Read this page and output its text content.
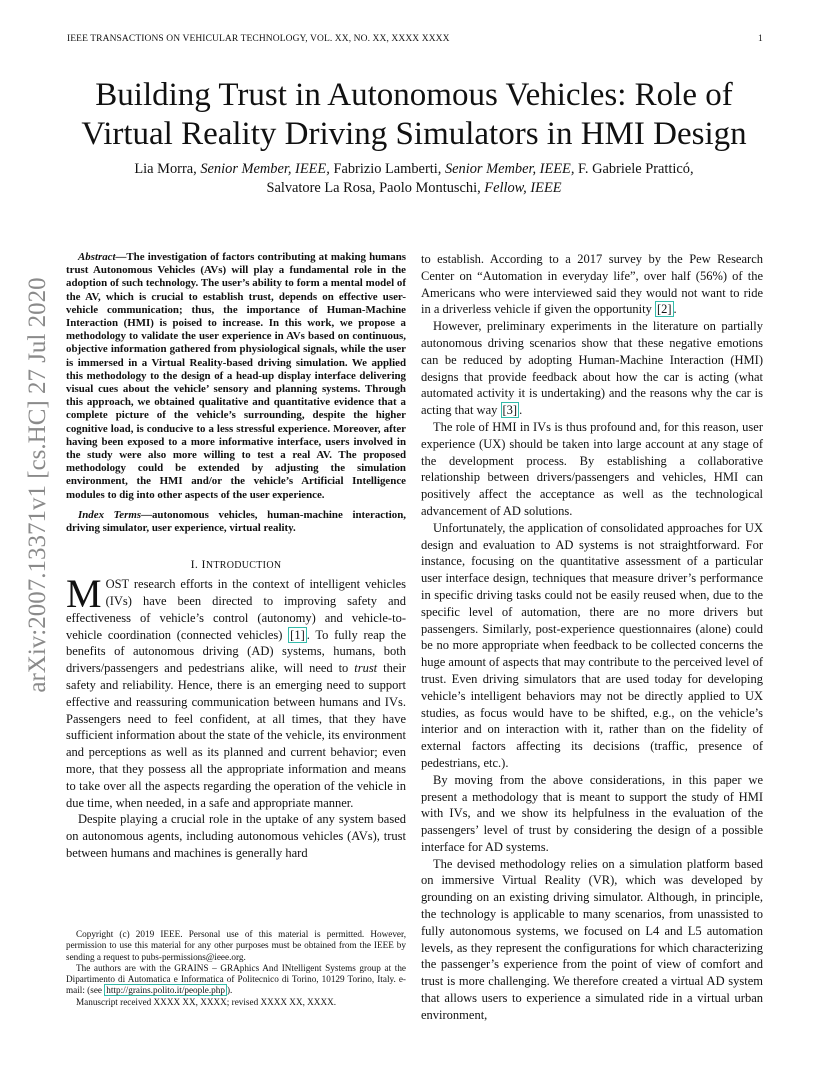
IEEE TRANSACTIONS ON VEHICULAR TECHNOLOGY, VOL. XX, NO. XX, XXXX XXXX	1
arXiv:2007.13371v1 [cs.HC] 27 Jul 2020
Building Trust in Autonomous Vehicles: Role of Virtual Reality Driving Simulators in HMI Design
Lia Morra, Senior Member, IEEE, Fabrizio Lamberti, Senior Member, IEEE, F. Gabriele Pratticó,
Salvatore La Rosa, Paolo Montuschi, Fellow, IEEE

Abstract—The investigation of factors contributing at making humans trust Autonomous Vehicles (AVs) will play a fundamental role in the adoption of such technology. The user’s ability to form a mental model of the AV, which is crucial to establish trust, depends on effective user-vehicle communication; thus, the importance of Human-Machine Interaction (HMI) is poised to increase. In this work, we propose a methodology to validate the user experience in AVs based on continuous, objective information gathered from physiological signals, while the user is immersed in a Virtual Reality-based driving simulation. We applied this methodology to the design of a head-up display interface delivering visual cues about the vehicle’ sensory and planning systems. Through this approach, we obtained qualitative and quantitative evidence that a complete picture of the vehicle’s surrounding, despite the higher cognitive load, is conducive to a less stressful experience. Moreover, after having been exposed to a more informative interface, users involved in the study were also more willing to test a real AV. The proposed methodology could be extended by adjusting the simulation environment, the HMI and/or the vehicle’s Artificial Intelligence modules to dig into other aspects of the user experience.

Index Terms—autonomous vehicles, human-machine interaction, driving simulator, user experience, virtual reality.

I. INTRODUCTION

MOST research efforts in the context of intelligent vehicles (IVs) have been directed to improving safety and effectiveness of vehicle’s control (autonomy) and vehicle-to-vehicle coordination (connected vehicles) [1] . To fully reap the benefits of autonomous driving (AD) systems, humans, both drivers/passengers and pedestrians alike, will need to trust their safety and reliability. Hence, there is an emerging need to support effective and reassuring communication between humans and IVs. Passengers need to feel confident, at all times, that they have sufficient information about the state of the vehicle, its environment and perceptions as well as its planned and current behavior; even more, that they possess all the appropriate information and means to take over all the aspects regarding the operation of the vehicle in due time, when needed, in a safe and appropriate manner.

Despite playing a crucial role in the uptake of any system based on autonomous agents, including autonomous vehicles (AVs), trust between humans and machines is generally hard

Copyright (c) 2019 IEEE. Personal use of this material is permitted. However, permission to use this material for any other purposes must be obtained from the IEEE by sending a request to pubs-permissions@ieee.org.

The authors are with the GRAINS – GRAphics And INtelligent Systems group at the Dipartimento di Automatica e Informatica of Politecnico di Torino, 10129 Torino, Italy. e-mail: (see http://grains.polito.it/people.php ).

Manuscript received XXXX XX, XXXX; revised XXXX XX, XXXX.

to establish. According to a 2017 survey by the Pew Research Center on “Automation in everyday life”, over half (56%) of the Americans who were interviewed said they would not want to ride in a driverless vehicle if given the opportunity [2] .

However, preliminary experiments in the literature on partially autonomous driving scenarios show that these negative emotions can be reduced by adopting Human-Machine Interaction (HMI) designs that provide feedback about how the car is acting (what automated activity it is undertaking) and the reasons why the car is acting that way [3] .

The role of HMI in IVs is thus profound and, for this reason, user experience (UX) should be taken into large account at any stage of the development process. By establishing a collaborative relationship between drivers/passengers and vehicles, HMI can positively affect the acceptance as well as the technological advancement of AD solutions.

Unfortunately, the application of consolidated approaches for UX design and evaluation to AD systems is not straightforward. For instance, focusing on the quantitative assessment of a particular user interface design, techniques that measure driver’s performance in specific driving tasks could not be easily reused when, due to the specific level of automation, there are no more drivers but passengers. Similarly, post-experience questionnaires (alone) could be no more appropriate when feedback to be collected concerns the huge amount of aspects that may contribute to the perceived level of trust. Even driving simulators that are used today for developing vehicle’s intelligent behaviors may not be directly applied to UX studies, as focus would have to be shifted, e.g., on the vehicle’s interior and on interaction with it, rather than on the fidelity of external factors affecting its decisions (traffic, presence of pedestrians, etc.).

By moving from the above considerations, in this paper we present a methodology that is meant to support the study of HMI with IVs, and we show its helpfulness in the evaluation of the passengers’ level of trust by considering the design of a possible interface for AD systems.

The devised methodology relies on a simulation platform based on immersive Virtual Reality (VR), which was developed by grounding on an existing driving simulator. Although, in principle, the technology is applicable to many scenarios, from unassisted to fully autonomous systems, we focused on L4 and L5 automation levels, as they represent the configurations for which characterizing the passenger’s experience from the point of view of comfort and trust is more challenging. We therefore created a virtual AD system that allows users to experience a simulated ride in a virtual urban environment,
